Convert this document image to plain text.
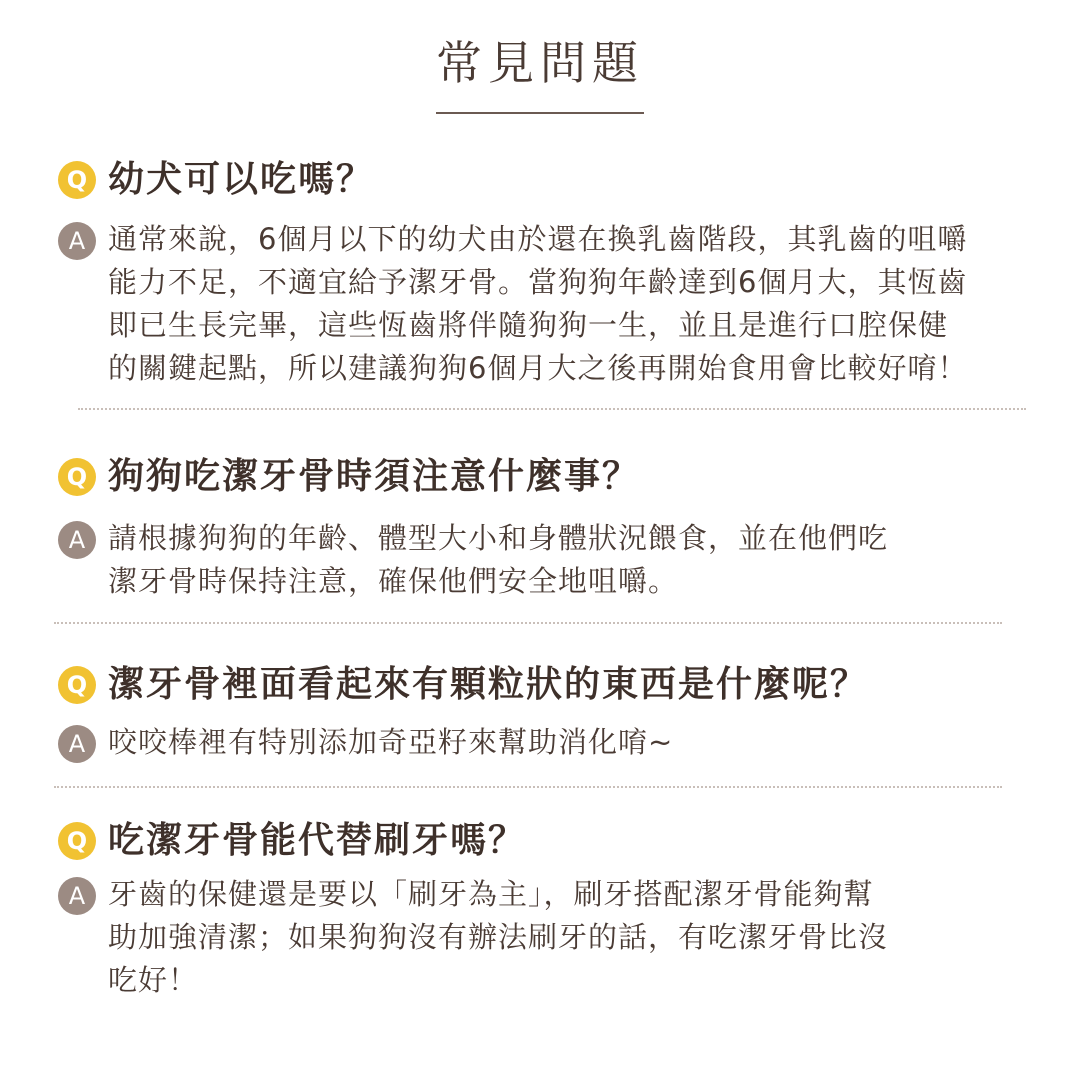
常見問題
Q 幼犬可以吃嗎？
A 通常來說，6個月以下的幼犬由於還在換乳齒階段，其乳齒的咀嚼
能力不足，不適宜給予潔牙骨。當狗狗年齡達到6個月大，其恆齒
即已生長完畢，這些恆齒將伴隨狗狗一生，並且是進行口腔保健
的關鍵起點，所以建議狗狗6個月大之後再開始食用會比較好唷！
Q 狗狗吃潔牙骨時須注意什麼事？
A 請根據狗狗的年齡、體型大小和身體狀況餵食，並在他們吃
潔牙骨時保持注意，確保他們安全地咀嚼。
Q 潔牙骨裡面看起來有顆粒狀的東西是什麼呢？
A 咬咬棒裡有特別添加奇亞籽來幫助消化唷~
Q 吃潔牙骨能代替刷牙嗎？
A 牙齒的保健還是要以「刷牙為主」，刷牙搭配潔牙骨能夠幫
助加強清潔；如果狗狗沒有辦法刷牙的話，有吃潔牙骨比沒
吃好！
